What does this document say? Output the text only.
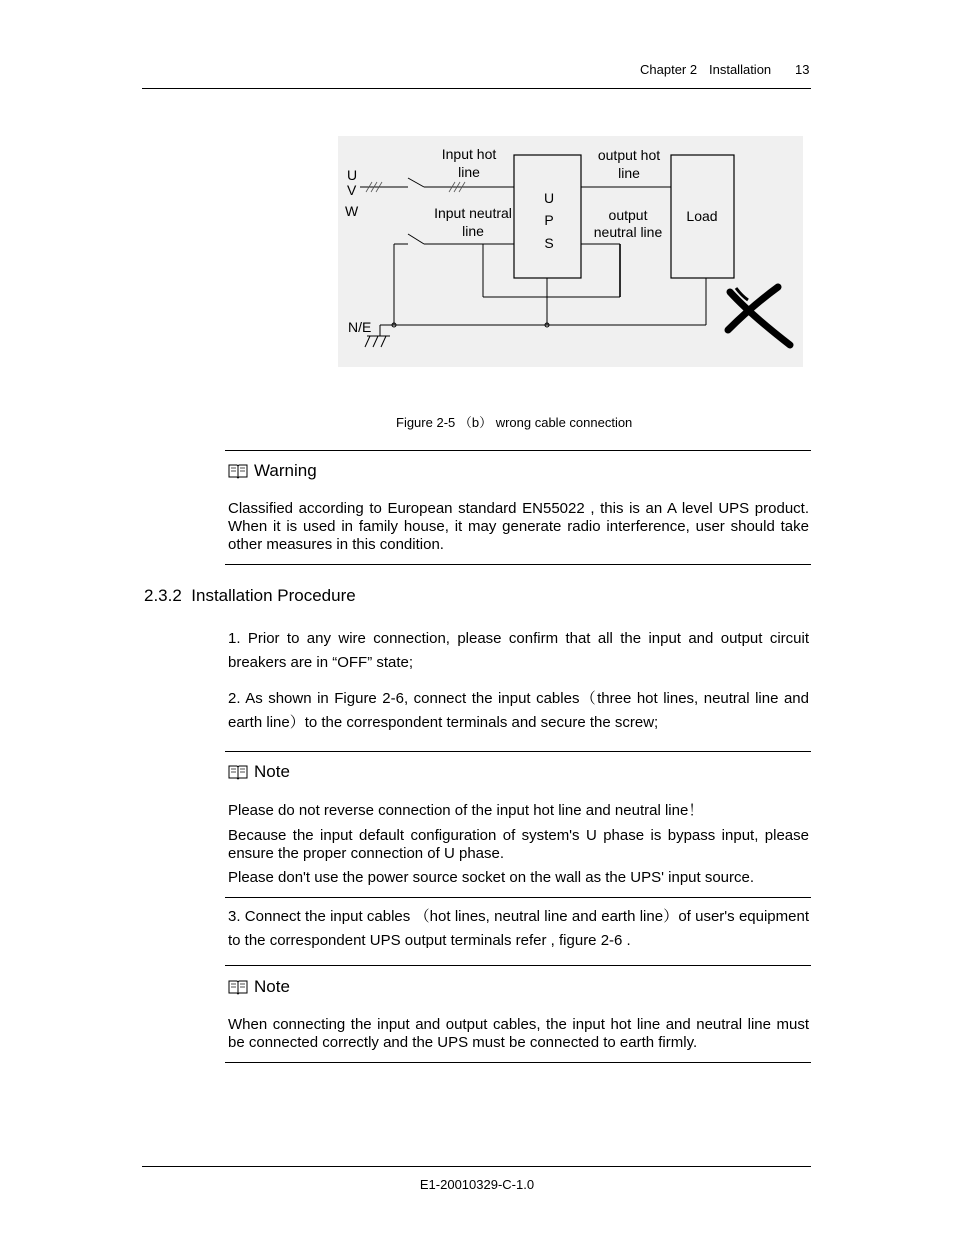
Chapter 2 Installation 13
U
V
W
Input hot
line
Input neutral
line
U
P
S
output hot
line
output
neutral line
Load
N/E
Figure 2-5 （b） wrong cable connection
Warning
Classified according to European standard EN55022 , this is an A level UPS product. When it is used in family house, it may generate radio interference, user should take other measures in this condition.
2.3.2 Installation Procedure
1. Prior to any wire connection, please confirm that all the input and output circuit breakers are in “OFF” state;
2. As shown in Figure 2-6, connect the input cables（three hot lines, neutral line and earth line）to the correspondent terminals and secure the screw;
Note
Please do not reverse connection of the input hot line and neutral line！
Because the input default configuration of system's U phase is bypass input, please ensure the proper connection of U phase.
Please don't use the power source socket on the wall as the UPS' input source.
3. Connect the input cables （hot lines, neutral line and earth line）of user's equipment to the correspondent UPS output terminals refer , figure 2-6 .
Note
When connecting the input and output cables, the input hot line and neutral line must be connected correctly and the UPS must be connected to earth firmly.
E1-20010329-C-1.0
